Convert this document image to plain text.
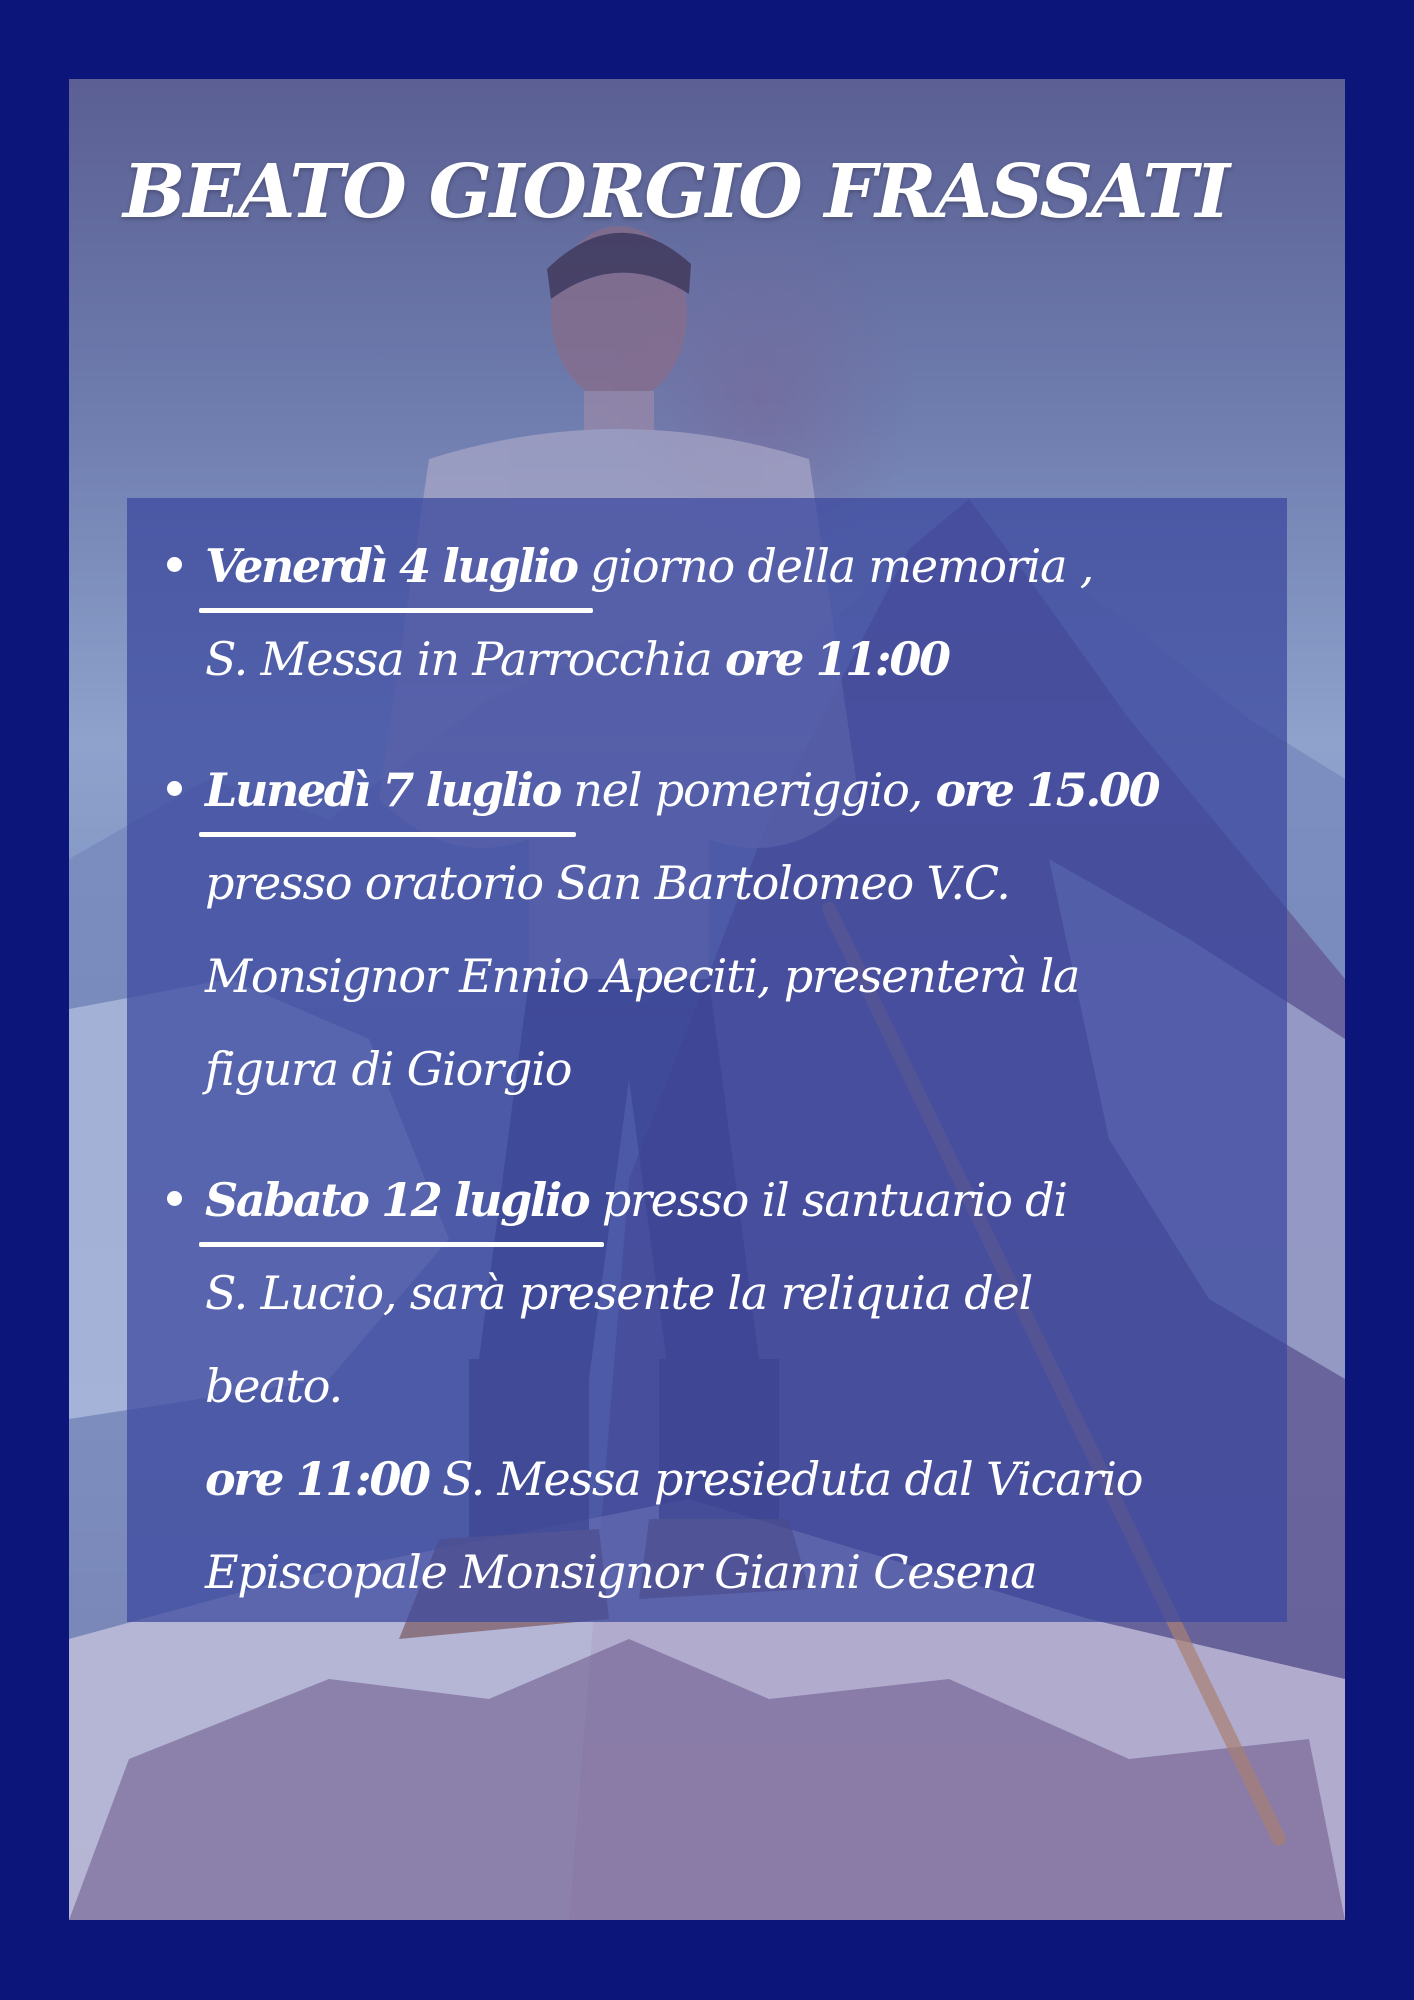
BEATO GIORGIO FRASSATI

Venerdì 4 luglio
giorno della memoria ,
S. Messa in Parrocchia ore 11:00

Lunedì 7 luglio
nel pomeriggio, ore 15.00
presso oratorio San Bartolomeo V.C.
Monsignor Ennio Apeciti, presenterà la
figura di Giorgio

Sabato 12 luglio
presso il santuario di
S. Lucio, sarà presente la reliquia del
beato.
ore 11:00 S. Messa presieduta dal Vicario
Episcopale Monsignor Gianni Cesena
